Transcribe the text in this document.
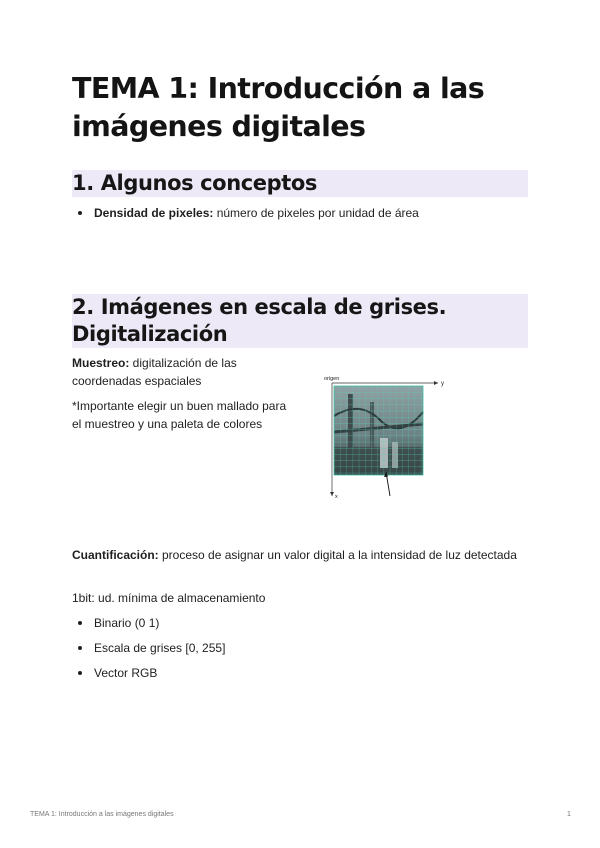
TEMA 1: Introducción a las imágenes digitales
1. Algunos conceptos
Densidad de pixeles: número de pixeles por unidad de área
2. Imágenes en escala de grises. Digitalización

Muestreo: digitalización de las coordenadas espaciales

*Importante elegir un buen mallado para el muestreo y una paleta de colores

origen
y
x

Cuantificación: proceso de asignar un valor digital a la intensidad de luz detectada

1bit: ud. mínima de almacenamiento

Binario (0 1)
Escala de grises [0, 255]
Vector RGB
TEMA 1: Introducción a las imágenes digitales	1
